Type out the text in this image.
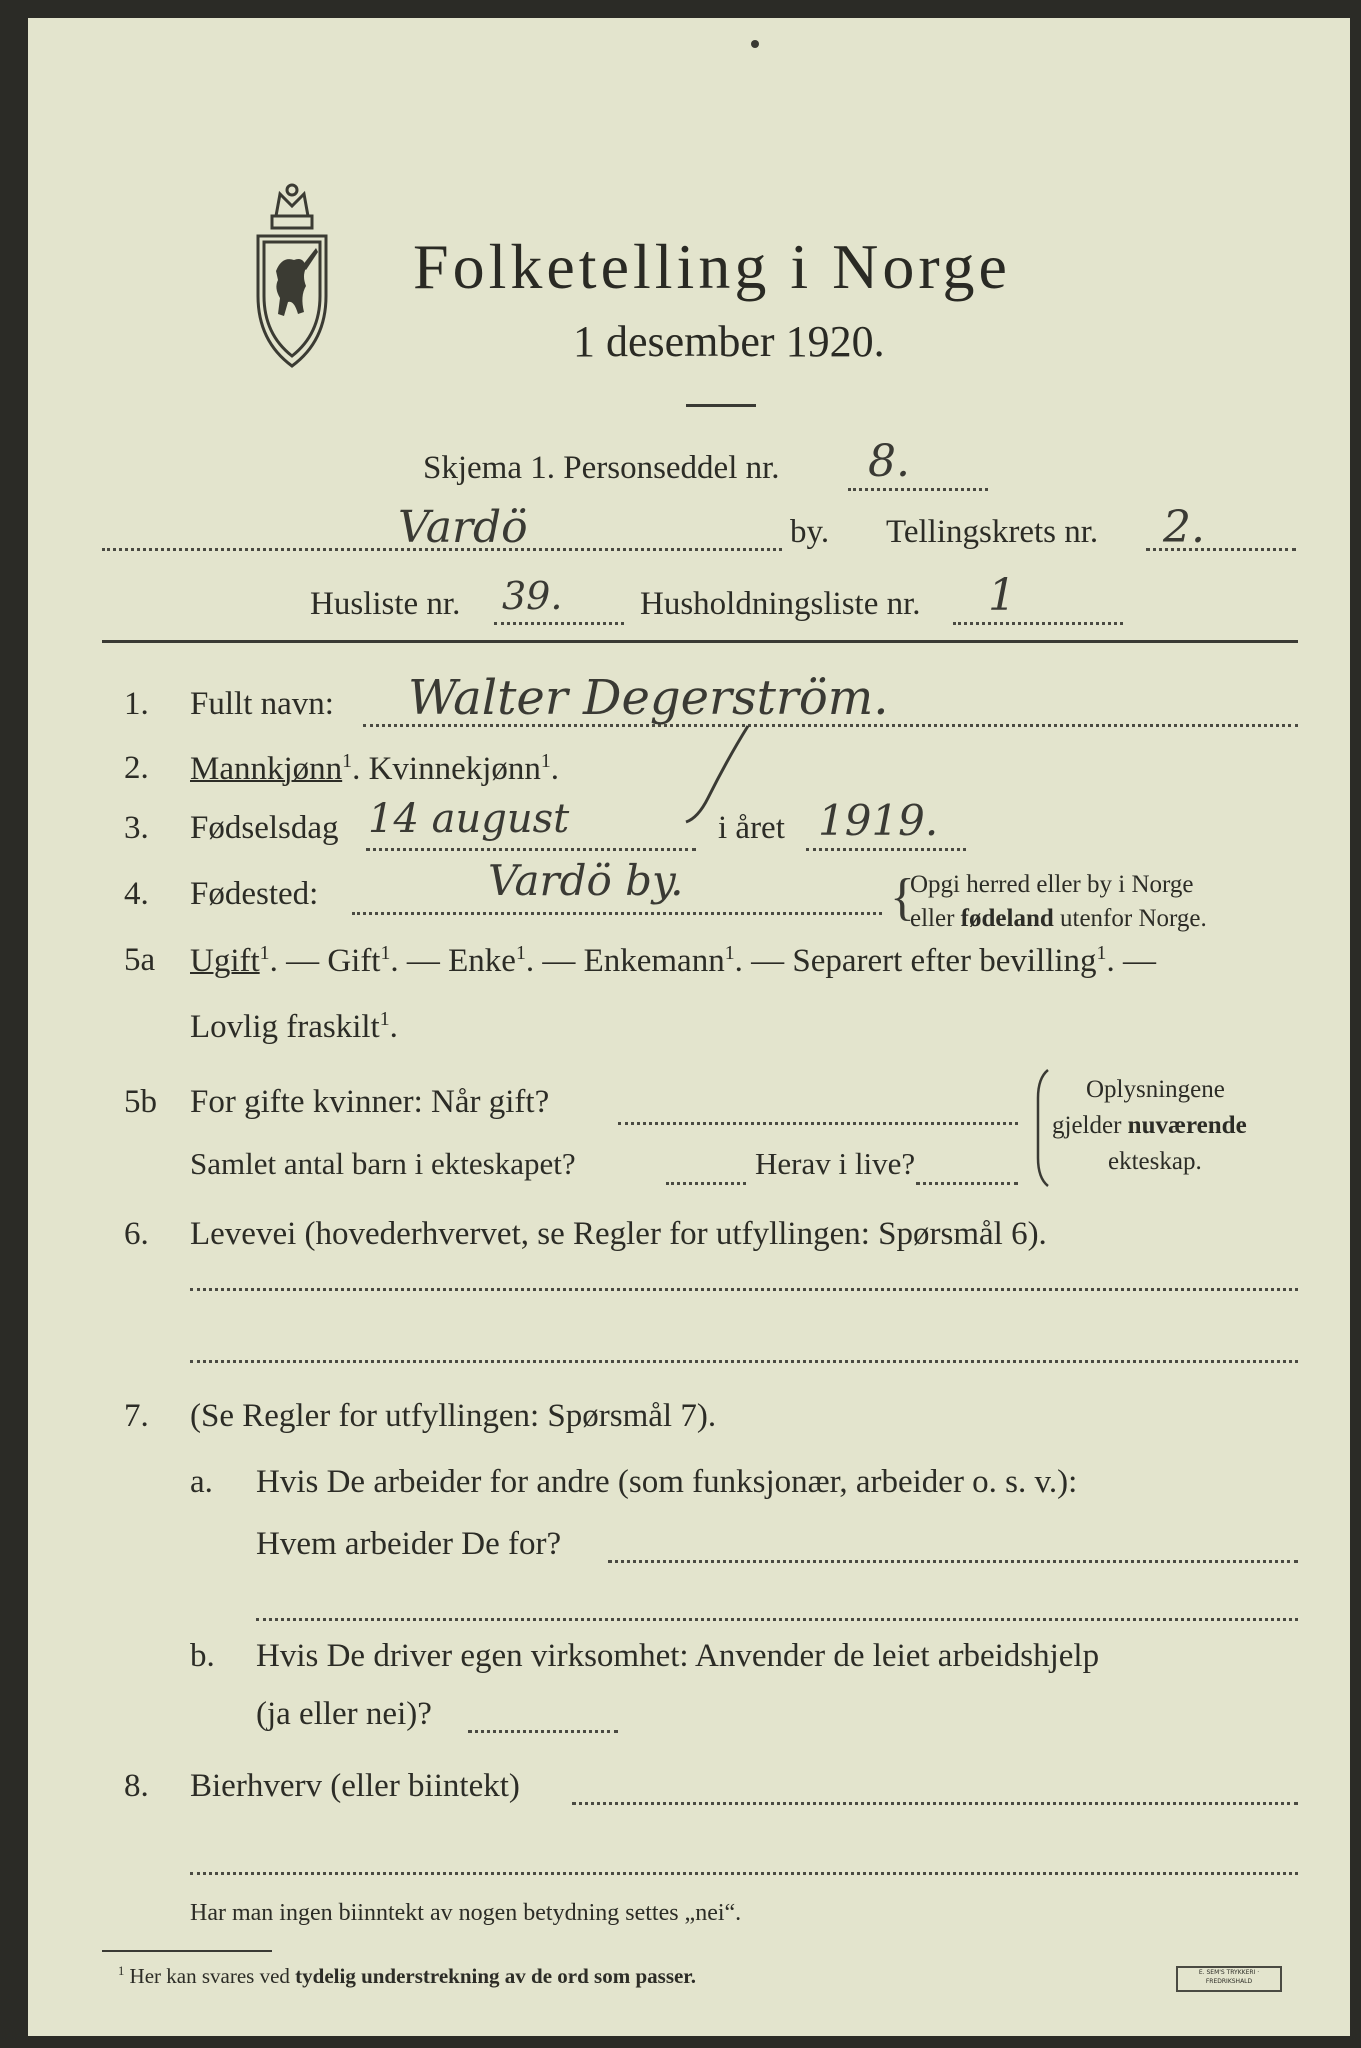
Folketelling i Norge
1 desember 1920.
Skjema 1. Personseddel nr. 8.
Vardö	by. Tellingskrets nr. 2.
Husliste nr. 39. Husholdningsliste nr. 1
1. Fullt navn: Walter Degerström.
2. Mannkjønn$^1$. Kvinnekjønn$^1$.
3. Fødselsdag 14 august	i året 1919.
4. Fødested:	Vardö by.	{
Opgi herred eller by i Norge
eller fødeland utenfor Norge.
5a Ugift$^1$. — Gift$^1$. — Enke$^1$. — Enkemann$^1$. — Separert efter bevilling$^1$. —
Lovlig fraskilt$^1$.
5b For gifte kvinner: Når gift?
Samlet antal barn i ekteskapet?	Herav i live?
Oplysningene
gjelder nuværende
ekteskap.
6. Levevei (hovederhvervet, se Regler for utfyllingen: Spørsmål 6).
7. (Se Regler for utfyllingen: Spørsmål 7).
a. Hvis De arbeider for andre (som funksjonær, arbeider o. s. v.):
Hvem arbeider De for?
b. Hvis De driver egen virksomhet: Anvender de leiet arbeidshjelp
(ja eller nei)?
8. Bierhverv (eller biintekt)
Har man ingen biinntekt av nogen betydning settes „nei“.
$^1$ Her kan svares ved tydelig understrekning av de ord som passer.	E. SEM'S TRYKKERI · FREDRIKSHALD
